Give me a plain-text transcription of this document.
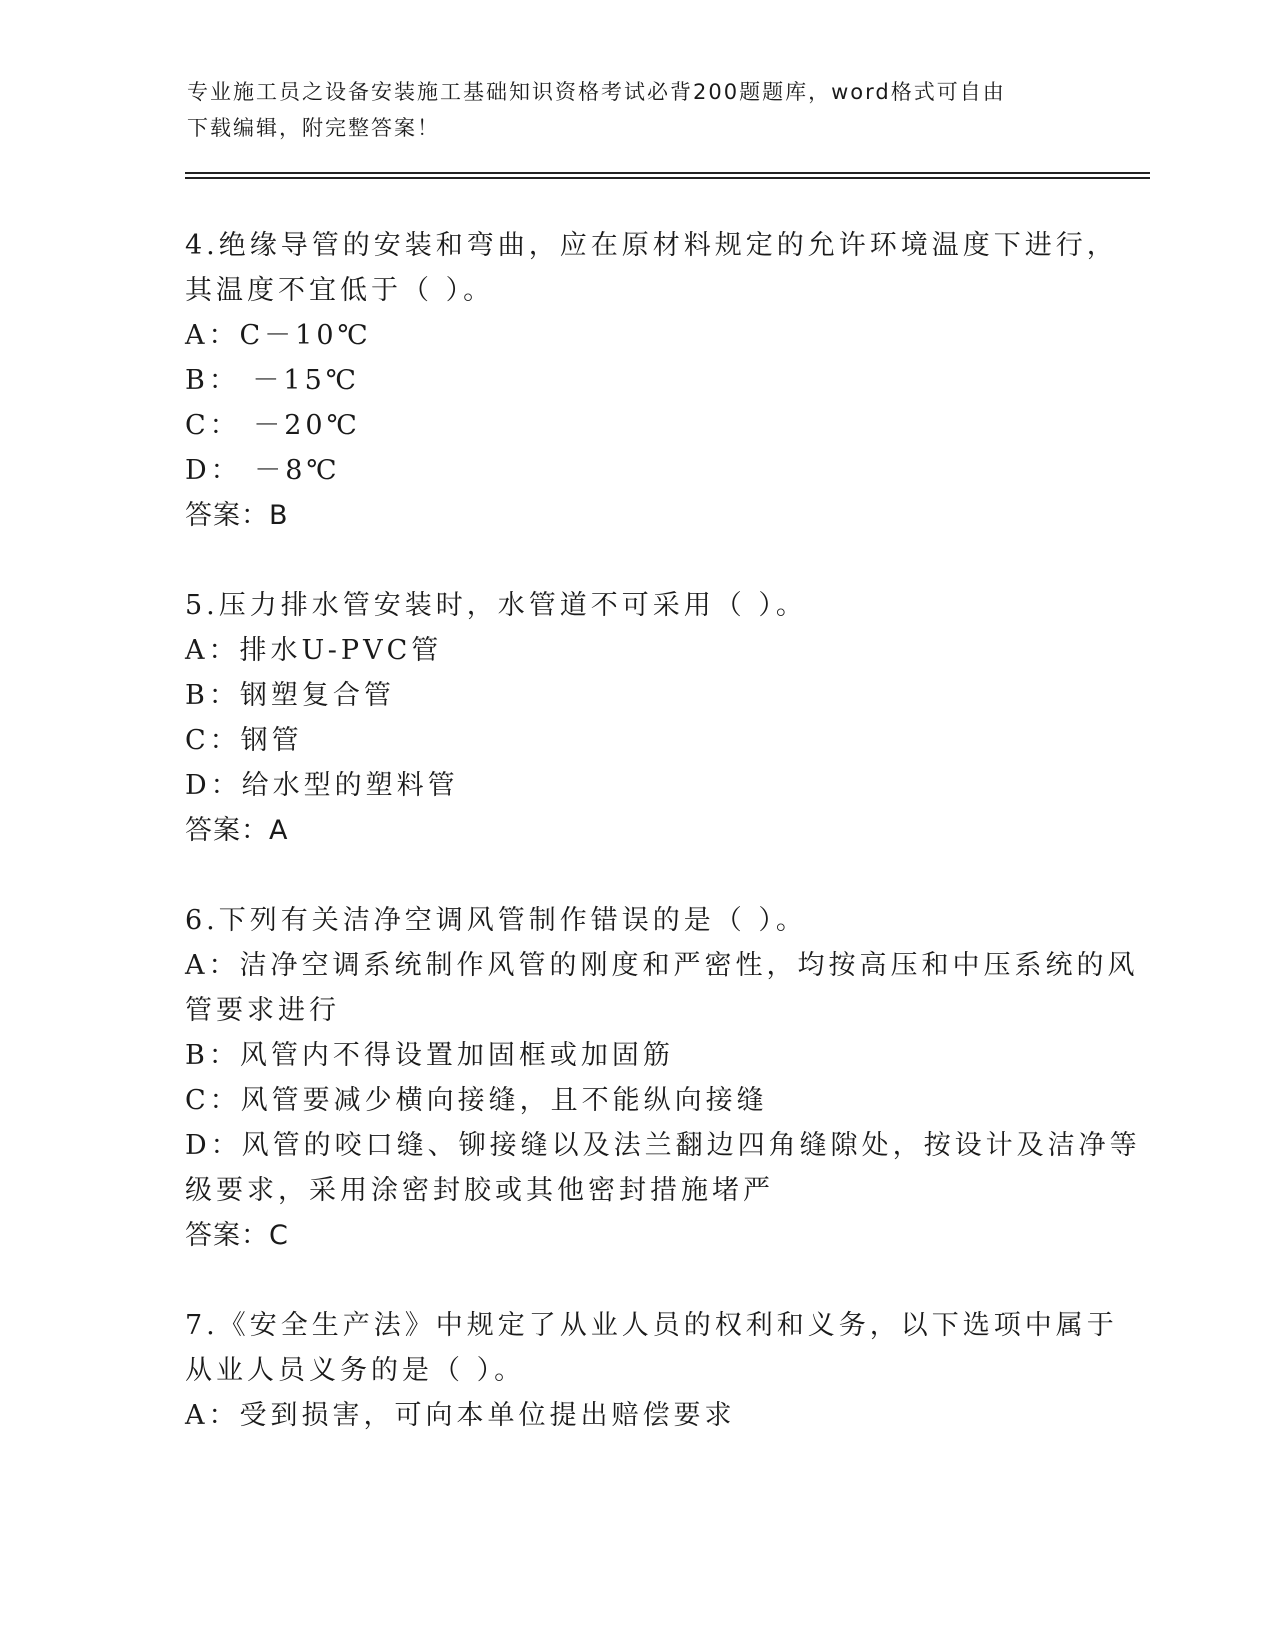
专业施工员之设备安装施工基础知识资格考试必背200题题库，word格式可自由
下载编辑，附完整答案！
4.绝缘导管的安装和弯曲，应在原材料规定的允许环境温度下进行，
其温度不宜低于（ ）。
A：C－10℃
B： －15℃
C： －20℃
D： －8℃
答案：B
5.压力排水管安装时，水管道不可采用（ ）。
A：排水U-PVC管
B：钢塑复合管
C：钢管
D：给水型的塑料管
答案：A
6.下列有关洁净空调风管制作错误的是（ ）。
A：洁净空调系统制作风管的刚度和严密性，均按高压和中压系统的风
管要求进行
B：风管内不得设置加固框或加固筋
C：风管要减少横向接缝，且不能纵向接缝
D：风管的咬口缝、铆接缝以及法兰翻边四角缝隙处，按设计及洁净等
级要求，采用涂密封胶或其他密封措施堵严
答案：C
7.《安全生产法》中规定了从业人员的权利和义务，以下选项中属于
从业人员义务的是（ ）。
A：受到损害，可向本单位提出赔偿要求
